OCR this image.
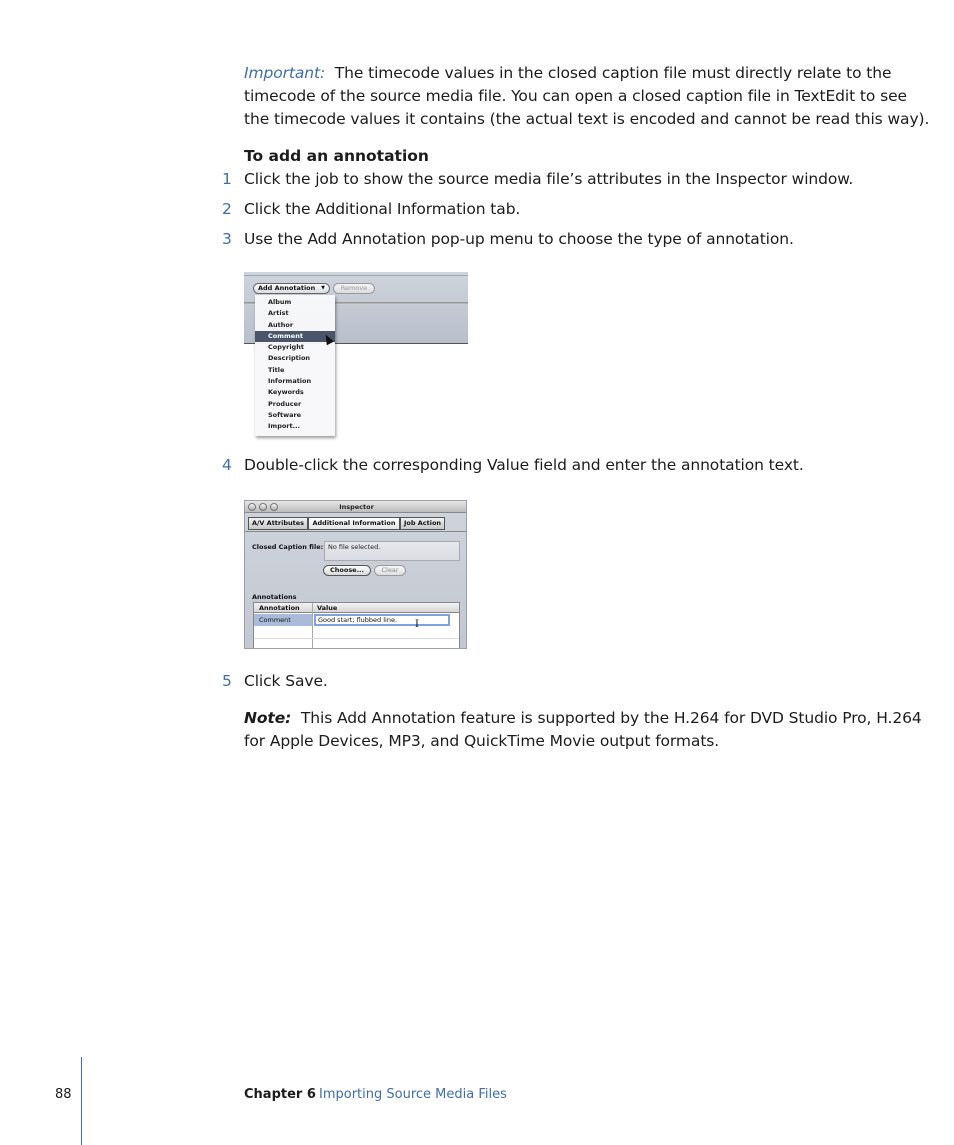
Important: The timecode values in the closed caption file must directly relate to the
timecode of the source media file. You can open a closed caption file in TextEdit to see
the timecode values it contains (the actual text is encoded and cannot be read this way).
To add an annotation
1 Click the job to show the source media file’s attributes in the Inspector window.
2 Click the Additional Information tab.
3 Use the Add Annotation pop-up menu to choose the type of annotation.
Add Annotation ▼	Remove
Album
Artist
Author
Comment
Copyright
Description
Title
Information
Keywords
Producer
Software
Import...
4 Double-click the corresponding Value field and enter the annotation text.
Inspector
A/V Attributes	Additional Information	Job Action
Closed Caption file: No file selected.
Choose...	Clear
Annotations
Annotation	Value
Comment	Good start; flubbed line.	I
5 Click Save.
Note: This Add Annotation feature is supported by the H.264 for DVD Studio Pro, H.264
for Apple Devices, MP3, and QuickTime Movie output formats.
88	Chapter 6 Importing Source Media Files
